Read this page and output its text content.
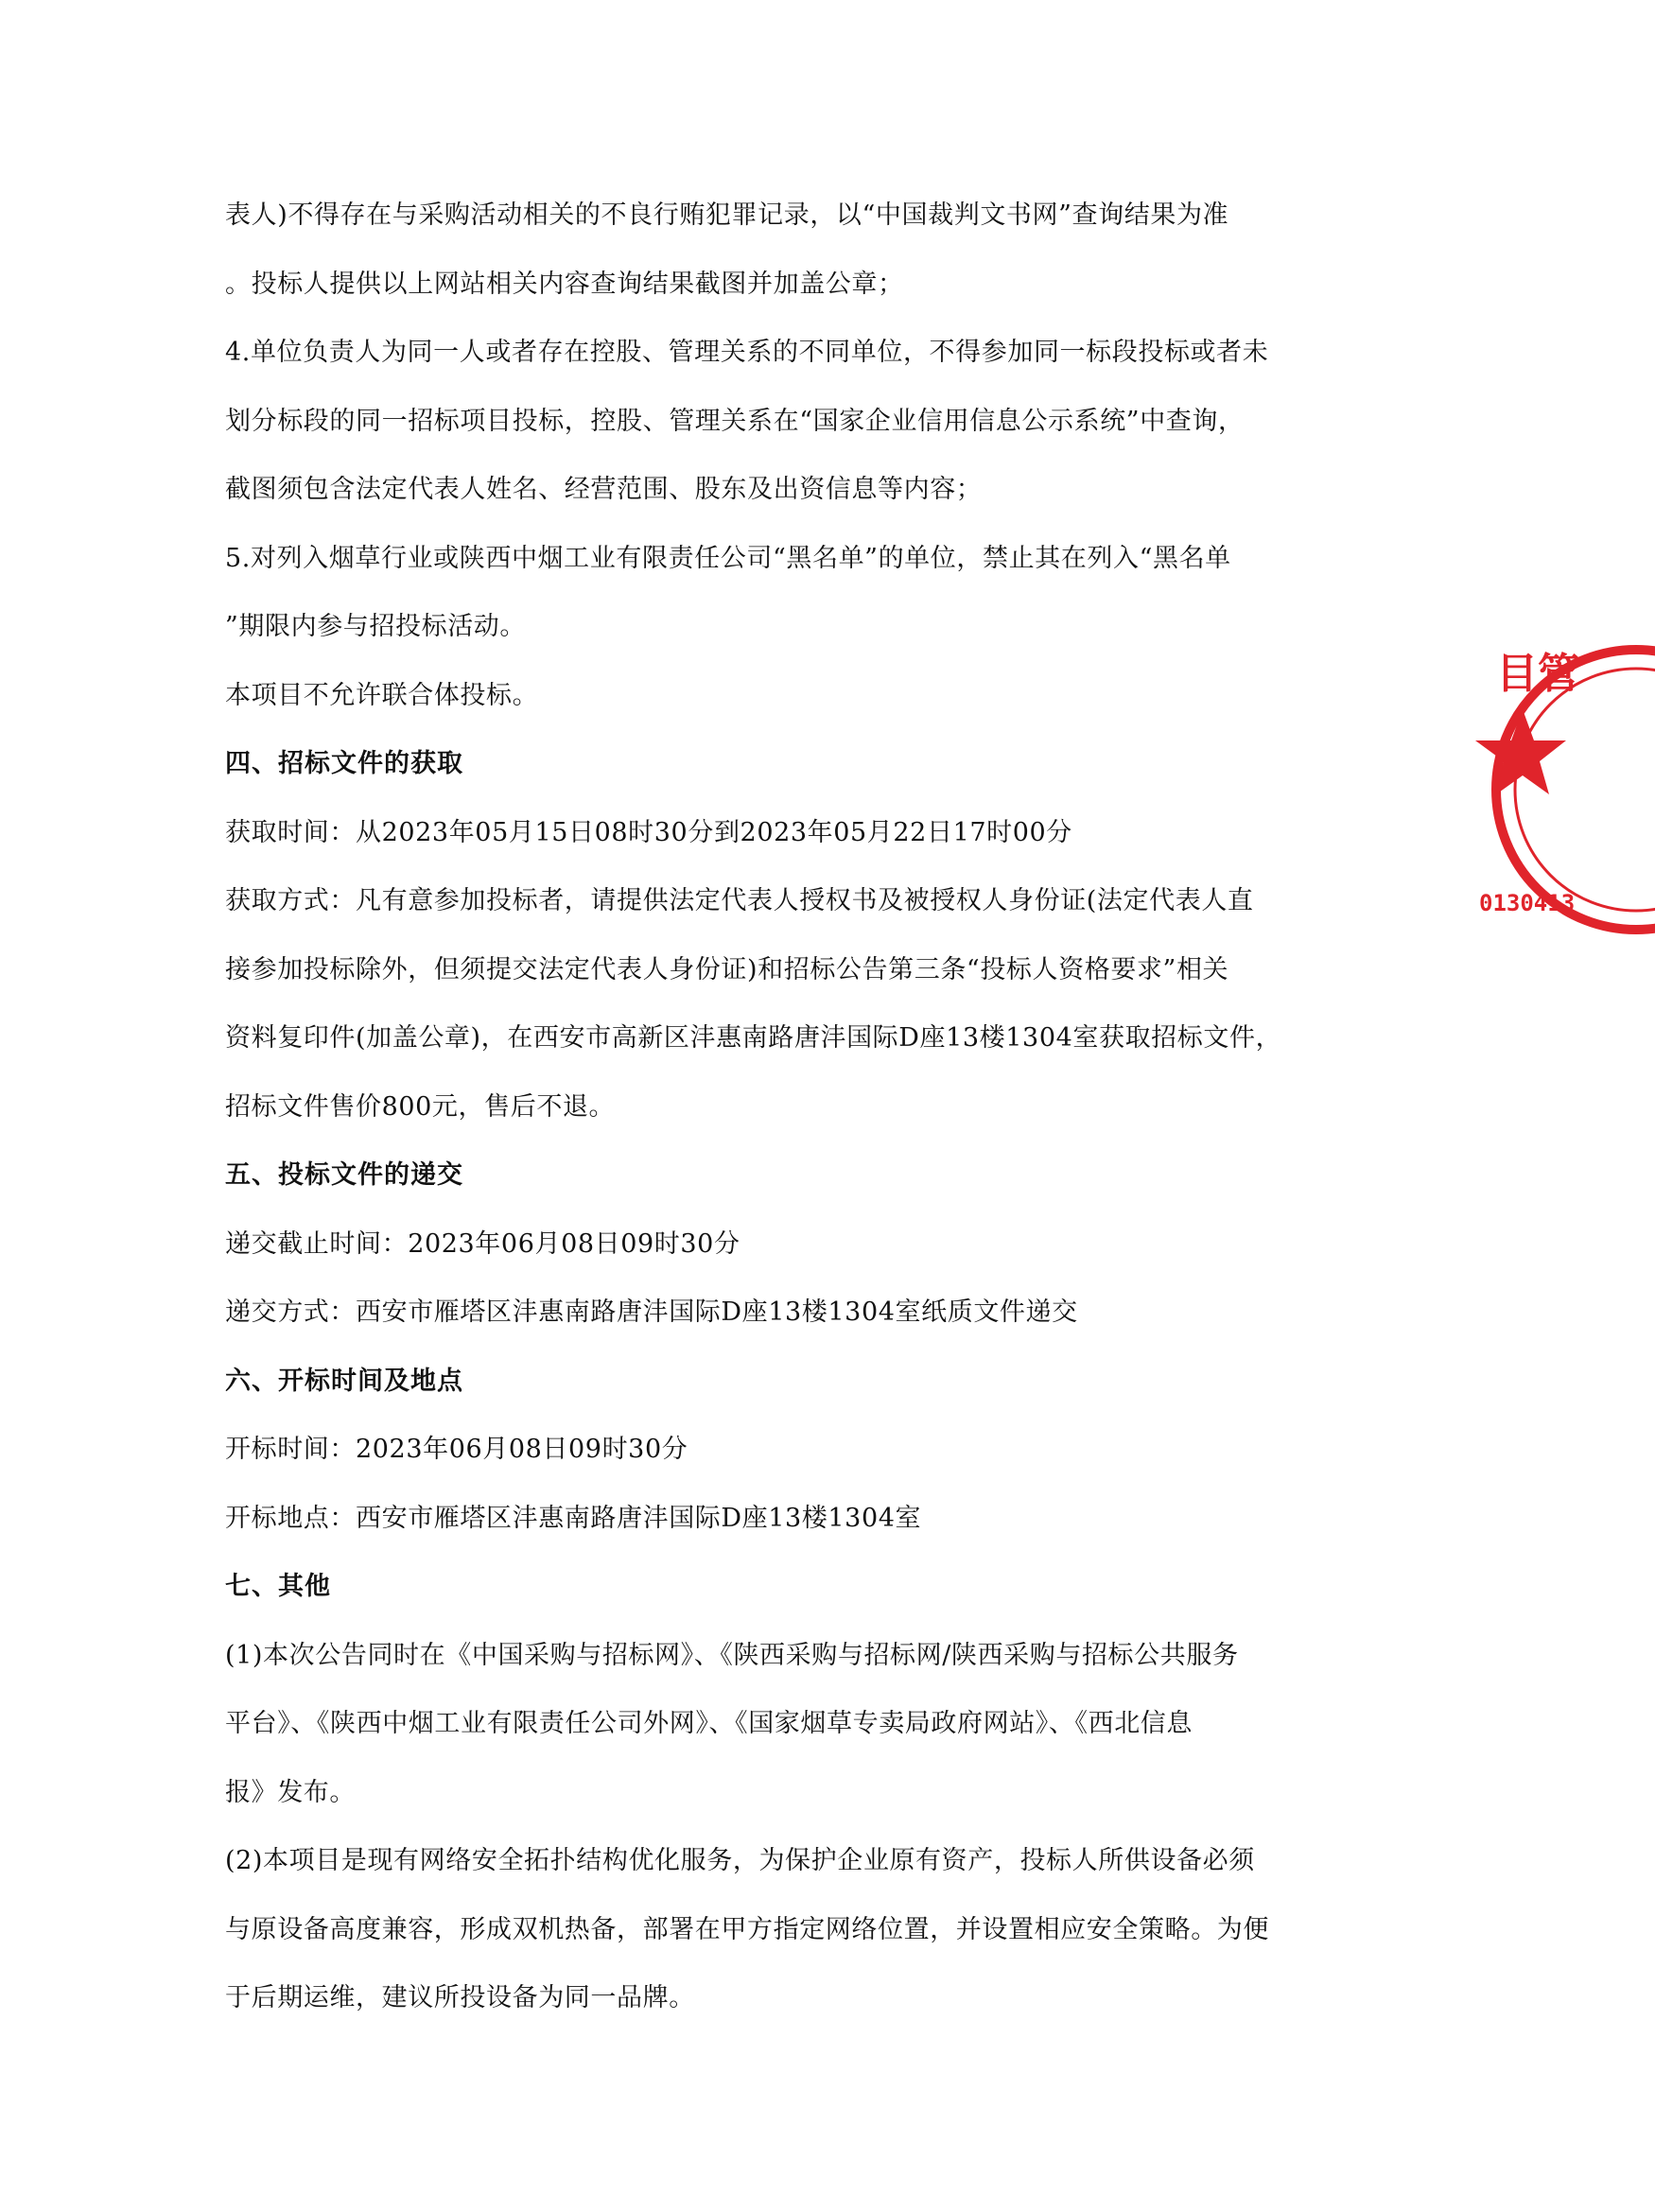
表人)不得存在与采购活动相关的不良行贿犯罪记录，以“中国裁判文书网”查询结果为准
。投标人提供以上网站相关内容查询结果截图并加盖公章；
4.单位负责人为同一人或者存在控股、管理关系的不同单位，不得参加同一标段投标或者未
划分标段的同一招标项目投标，控股、管理关系在“国家企业信用信息公示系统”中查询，
截图须包含法定代表人姓名、经营范围、股东及出资信息等内容；
5.对列入烟草行业或陕西中烟工业有限责任公司“黑名单”的单位，禁止其在列入“黑名单
”期限内参与招投标活动。
本项目不允许联合体投标。
四、招标文件的获取
获取时间：从2023年05月15日08时30分到2023年05月22日17时00分
获取方式：凡有意参加投标者，请提供法定代表人授权书及被授权人身份证(法定代表人直
接参加投标除外，但须提交法定代表人身份证)和招标公告第三条“投标人资格要求”相关
资料复印件(加盖公章)，在西安市高新区沣惠南路唐沣国际D座13楼1304室获取招标文件，
招标文件售价800元，售后不退。
五、投标文件的递交
递交截止时间：2023年06月08日09时30分
递交方式：西安市雁塔区沣惠南路唐沣国际D座13楼1304室纸质文件递交
六、开标时间及地点
开标时间：2023年06月08日09时30分
开标地点：西安市雁塔区沣惠南路唐沣国际D座13楼1304室
七、其他
(1)本次公告同时在《中国采购与招标网》、《陕西采购与招标网/陕西采购与招标公共服务
平台》、《陕西中烟工业有限责任公司外网》、《国家烟草专卖局政府网站》、《西北信息
报》发布。
(2)本项目是现有网络安全拓扑结构优化服务，为保护企业原有资产，投标人所供设备必须
与原设备高度兼容，形成双机热备，部署在甲方指定网络位置，并设置相应安全策略。为便
于后期运维，建议所投设备为同一品牌。
目管
0130413
